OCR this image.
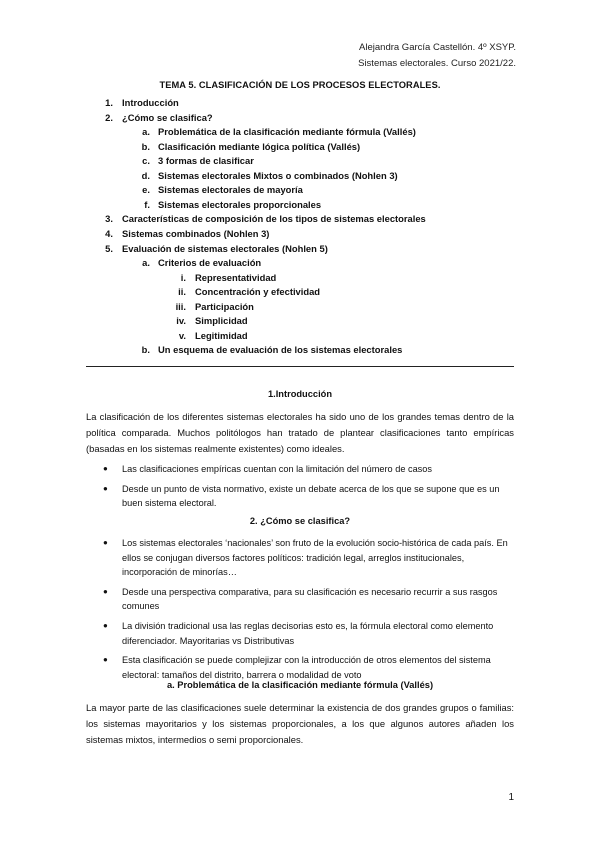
Alejandra García Castellón. 4º XSYP.
Sistemas electorales. Curso 2021/22.
TEMA 5. CLASIFICACIÓN DE LOS PROCESOS ELECTORALES.
1. Introducción
2. ¿Cómo se clasifica?
a. Problemática de la clasificación mediante fórmula (Vallés)
b. Clasificación mediante lógica política (Vallés)
c. 3 formas de clasificar
d. Sistemas electorales Mixtos o combinados (Nohlen 3)
e. Sistemas electorales de mayoría
f. Sistemas electorales proporcionales
3. Características de composición de los tipos de sistemas electorales
4. Sistemas combinados (Nohlen 3)
5. Evaluación de sistemas electorales (Nohlen 5)
a. Criterios de evaluación
i. Representatividad
ii. Concentración y efectividad
iii. Participación
iv. Simplicidad
v. Legitimidad
b. Un esquema de evaluación de los sistemas electorales
1.Introducción
La clasificación de los diferentes sistemas electorales ha sido uno de los grandes temas dentro de la política comparada. Muchos politólogos han tratado de plantear clasificaciones tanto empíricas (basadas en los sistemas realmente existentes) como ideales.
● Las clasificaciones empíricas cuentan con la limitación del número de casos
● Desde un punto de vista normativo, existe un debate acerca de los que se supone que es un buen sistema electoral.
2. ¿Cómo se clasifica?
● Los sistemas electorales ‘nacionales’ son fruto de la evolución socio-histórica de cada país. En ellos se conjugan diversos factores políticos: tradición legal, arreglos institucionales, incorporación de minorías…
● Desde una perspectiva comparativa, para su clasificación es necesario recurrir a sus rasgos comunes
● La división tradicional usa las reglas decisorias esto es, la fórmula electoral como elemento diferenciador. Mayoritarias vs Distributivas
● Esta clasificación se puede complejizar con la introducción de otros elementos del sistema electoral: tamaños del distrito, barrera o modalidad de voto
a. Problemática de la clasificación mediante fórmula (Vallés)
La mayor parte de las clasificaciones suele determinar la existencia de dos grandes grupos o familias: los sistemas mayoritarios y los sistemas proporcionales, a los que algunos autores añaden los sistemas mixtos, intermedios o semi proporcionales.
1
